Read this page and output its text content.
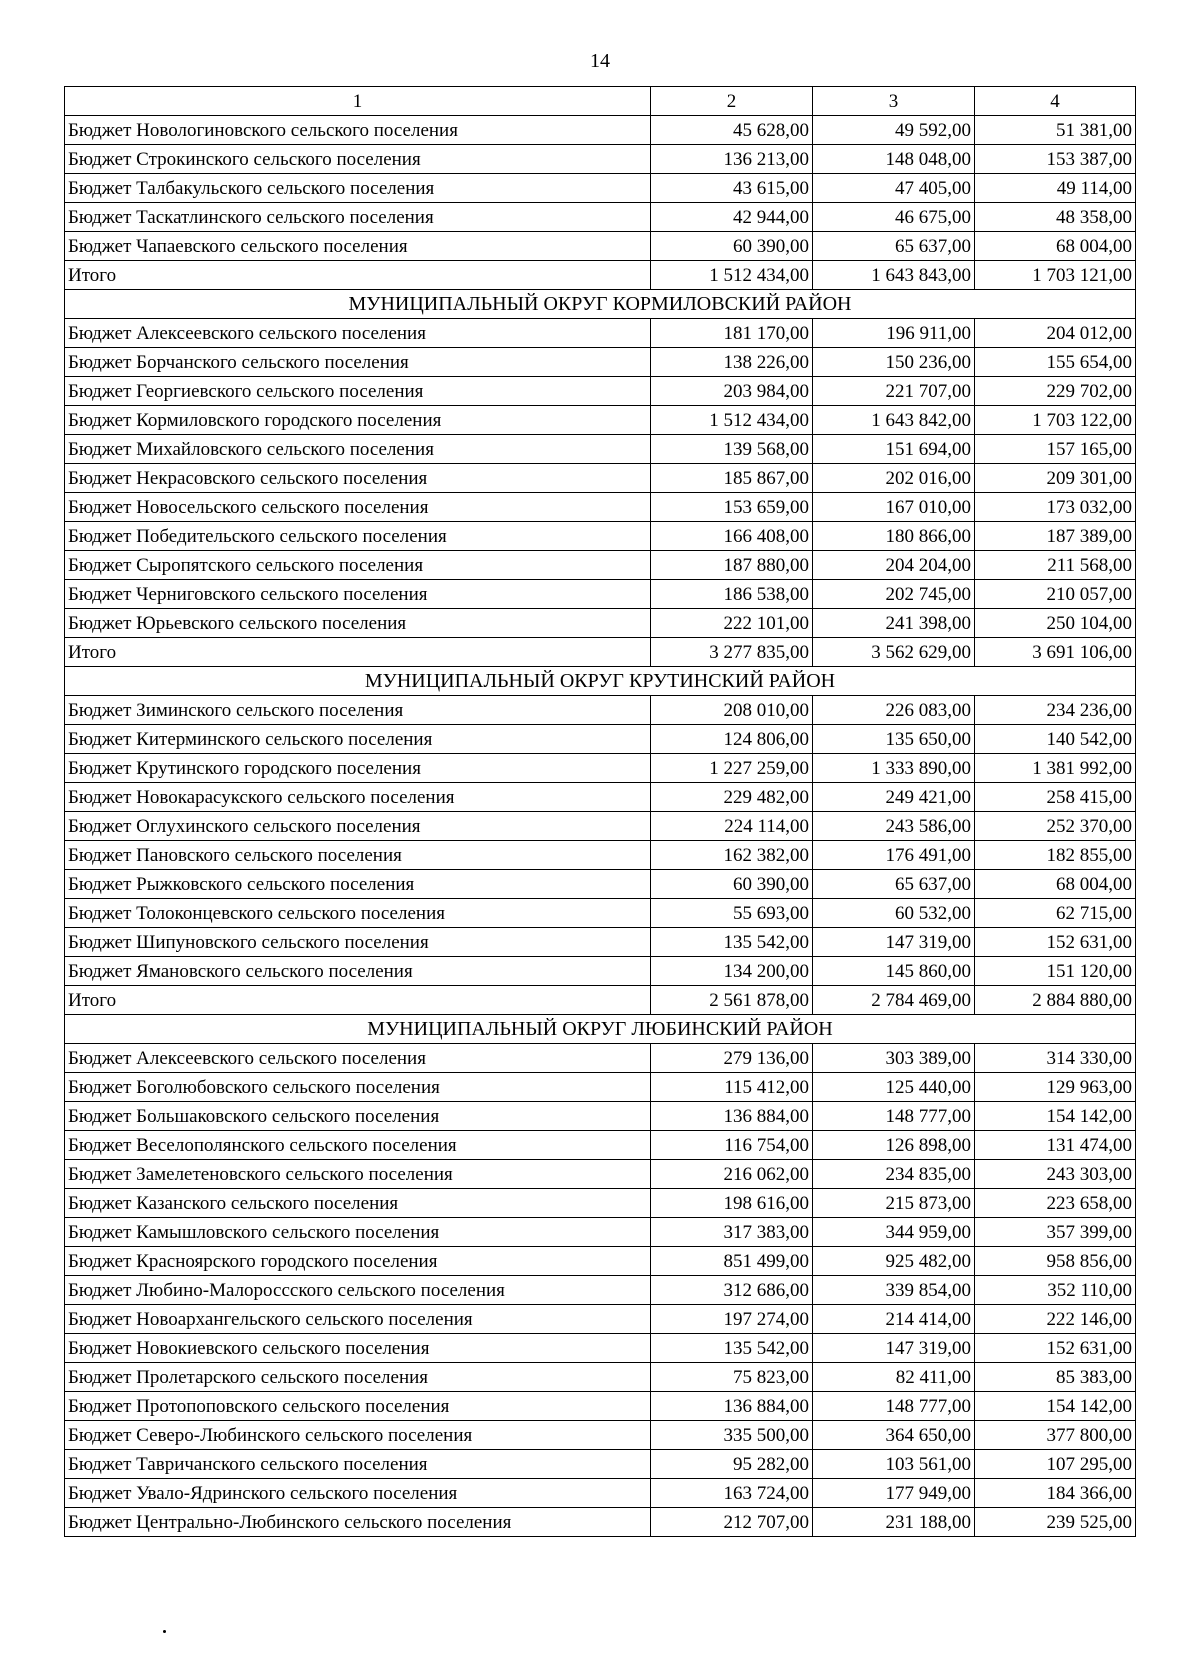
14
1	2	3	4
Бюджет Новологиновского сельского поселения	45 628,00	49 592,00	51 381,00
Бюджет Строкинского сельского поселения	136 213,00	148 048,00	153 387,00
Бюджет Талбакульского сельского поселения	43 615,00	47 405,00	49 114,00
Бюджет Таскатлинского сельского поселения	42 944,00	46 675,00	48 358,00
Бюджет Чапаевского сельского поселения	60 390,00	65 637,00	68 004,00
Итого	1 512 434,00	1 643 843,00	1 703 121,00
МУНИЦИПАЛЬНЫЙ ОКРУГ КОРМИЛОВСКИЙ РАЙОН			
Бюджет Алексеевского сельского поселения	181 170,00	196 911,00	204 012,00
Бюджет Борчанского сельского поселения	138 226,00	150 236,00	155 654,00
Бюджет Георгиевского сельского поселения	203 984,00	221 707,00	229 702,00
Бюджет Кормиловского городского поселения	1 512 434,00	1 643 842,00	1 703 122,00
Бюджет Михайловского сельского поселения	139 568,00	151 694,00	157 165,00
Бюджет Некрасовского сельского поселения	185 867,00	202 016,00	209 301,00
Бюджет Новосельского сельского поселения	153 659,00	167 010,00	173 032,00
Бюджет Победительского сельского поселения	166 408,00	180 866,00	187 389,00
Бюджет Сыропятского сельского поселения	187 880,00	204 204,00	211 568,00
Бюджет Черниговского сельского поселения	186 538,00	202 745,00	210 057,00
Бюджет Юрьевского сельского поселения	222 101,00	241 398,00	250 104,00
Итого	3 277 835,00	3 562 629,00	3 691 106,00
МУНИЦИПАЛЬНЫЙ ОКРУГ КРУТИНСКИЙ РАЙОН			
Бюджет Зиминского сельского поселения	208 010,00	226 083,00	234 236,00
Бюджет Китерминского сельского поселения	124 806,00	135 650,00	140 542,00
Бюджет Крутинского городского поселения	1 227 259,00	1 333 890,00	1 381 992,00
Бюджет Новокарасукского сельского поселения	229 482,00	249 421,00	258 415,00
Бюджет Оглухинского сельского поселения	224 114,00	243 586,00	252 370,00
Бюджет Пановского сельского поселения	162 382,00	176 491,00	182 855,00
Бюджет Рыжковского сельского поселения	60 390,00	65 637,00	68 004,00
Бюджет Толоконцевского сельского поселения	55 693,00	60 532,00	62 715,00
Бюджет Шипуновского сельского поселения	135 542,00	147 319,00	152 631,00
Бюджет Ямановского сельского поселения	134 200,00	145 860,00	151 120,00
Итого	2 561 878,00	2 784 469,00	2 884 880,00
МУНИЦИПАЛЬНЫЙ ОКРУГ ЛЮБИНСКИЙ РАЙОН			
Бюджет Алексеевского сельского поселения	279 136,00	303 389,00	314 330,00
Бюджет Боголюбовского сельского поселения	115 412,00	125 440,00	129 963,00
Бюджет Большаковского сельского поселения	136 884,00	148 777,00	154 142,00
Бюджет Веселополянского сельского поселения	116 754,00	126 898,00	131 474,00
Бюджет Замелетеновского сельского поселения	216 062,00	234 835,00	243 303,00
Бюджет Казанского сельского поселения	198 616,00	215 873,00	223 658,00
Бюджет Камышловского сельского поселения	317 383,00	344 959,00	357 399,00
Бюджет Красноярского городского поселения	851 499,00	925 482,00	958 856,00
Бюджет Любино-Малороссского сельского поселения	312 686,00	339 854,00	352 110,00
Бюджет Новоархангельского сельского поселения	197 274,00	214 414,00	222 146,00
Бюджет Новокиевского сельского поселения	135 542,00	147 319,00	152 631,00
Бюджет Пролетарского сельского поселения	75 823,00	82 411,00	85 383,00
Бюджет Протопоповского сельского поселения	136 884,00	148 777,00	154 142,00
Бюджет Северо-Любинского сельского поселения	335 500,00	364 650,00	377 800,00
Бюджет Тавричанского сельского поселения	95 282,00	103 561,00	107 295,00
Бюджет Увало-Ядринского сельского поселения	163 724,00	177 949,00	184 366,00
Бюджет Центрально-Любинского сельского поселения	212 707,00	231 188,00	239 525,00
